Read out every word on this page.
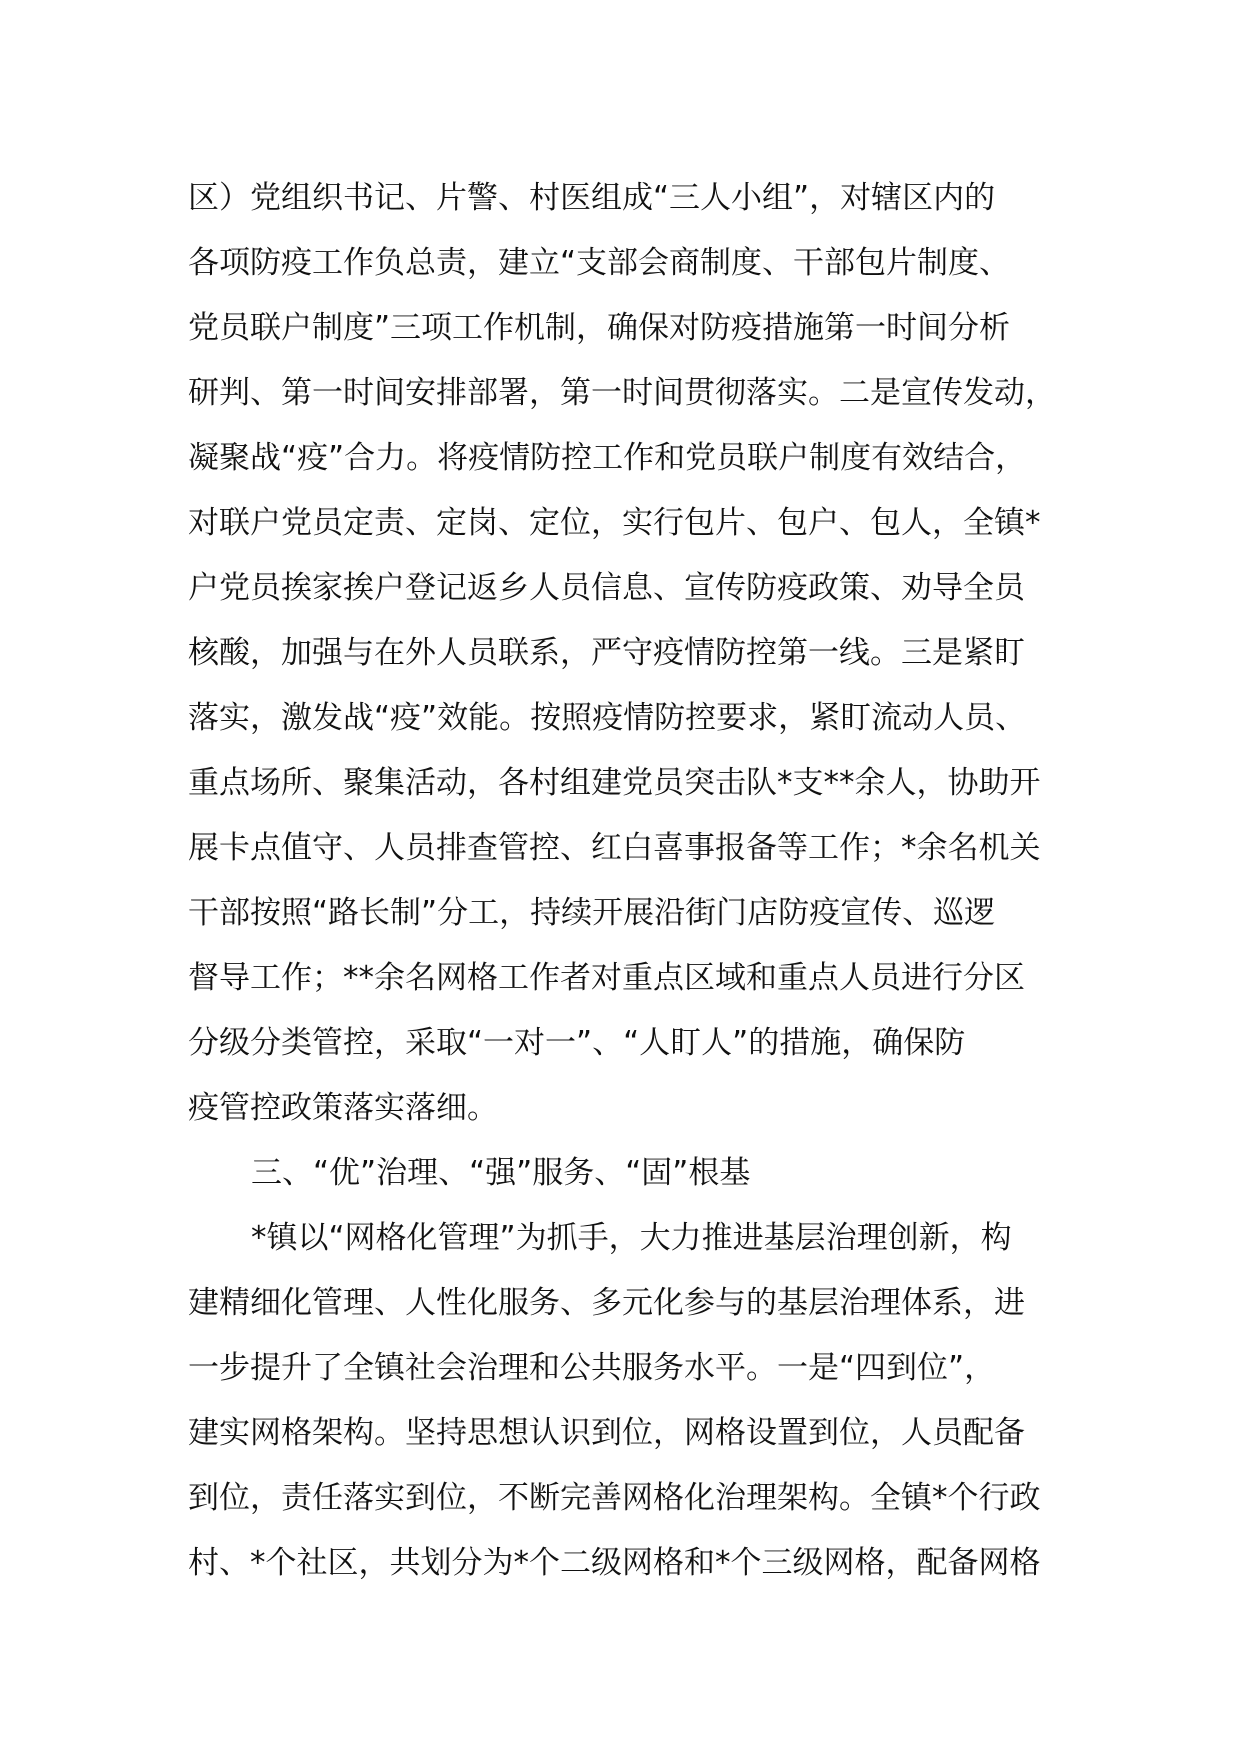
区）党组织书记、片警、村医组成“三人小组”，对辖区内的
各项防疫工作负总责，建立“支部会商制度、干部包片制度、
党员联户制度”三项工作机制，确保对防疫措施第一时间分析
研判、第一时间安排部署，第一时间贯彻落实。二是宣传发动，
凝聚战“疫”合力。将疫情防控工作和党员联户制度有效结合，
对联户党员定责、定岗、定位，实行包片、包户、包人，全镇*
户党员挨家挨户登记返乡人员信息、宣传防疫政策、劝导全员
核酸，加强与在外人员联系，严守疫情防控第一线。三是紧盯
落实，激发战“疫”效能。按照疫情防控要求，紧盯流动人员、
重点场所、聚集活动，各村组建党员突击队*支**余人，协助开
展卡点值守、人员排查管控、红白喜事报备等工作；*余名机关
干部按照“路长制”分工，持续开展沿街门店防疫宣传、巡逻
督导工作；**余名网格工作者对重点区域和重点人员进行分区
分级分类管控，采取“一对一”、“人盯人”的措施，确保防
疫管控政策落实落细。
三、“优”治理、“强”服务、“固”根基
*镇以“网格化管理”为抓手，大力推进基层治理创新，构
建精细化管理、人性化服务、多元化参与的基层治理体系，进
一步提升了全镇社会治理和公共服务水平。一是“四到位”，
建实网格架构。坚持思想认识到位，网格设置到位，人员配备
到位，责任落实到位，不断完善网格化治理架构。全镇*个行政
村、*个社区，共划分为*个二级网格和*个三级网格，配备网格
